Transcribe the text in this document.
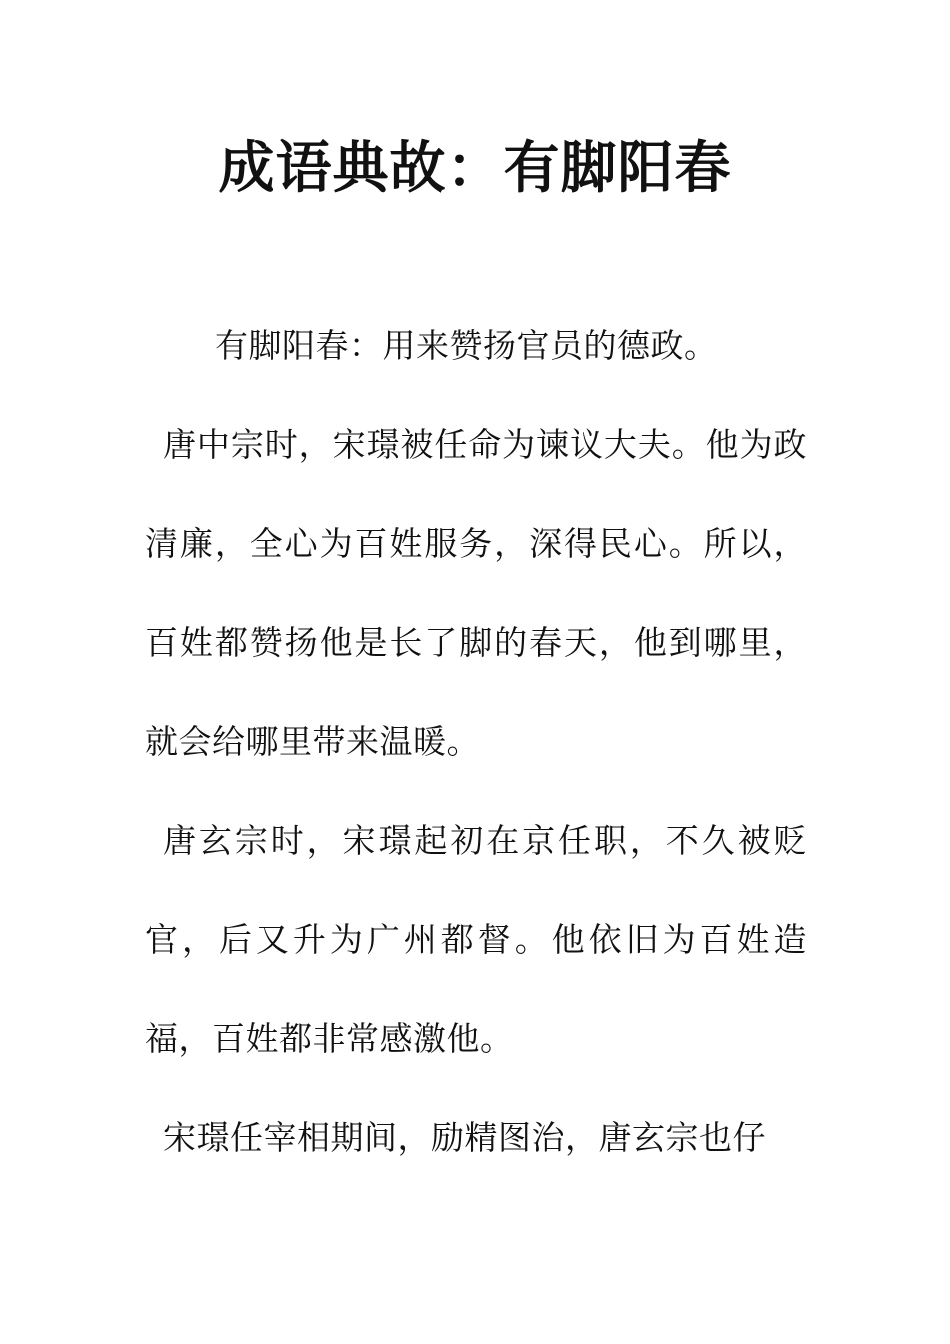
成语典故：有脚阳春

有脚阳春：用来赞扬官员的德政。

唐中宗时，宋璟被任命为谏议大夫。他为政清廉，全心为百姓服务，深得民心。所以，百姓都赞扬他是长了脚的春天，他到哪里，就会给哪里带来温暖。

唐玄宗时，宋璟起初在京任职，不久被贬官，后又升为广州都督。他依旧为百姓造福，百姓都非常感激他。

宋璟任宰相期间，励精图治，唐玄宗也仔
